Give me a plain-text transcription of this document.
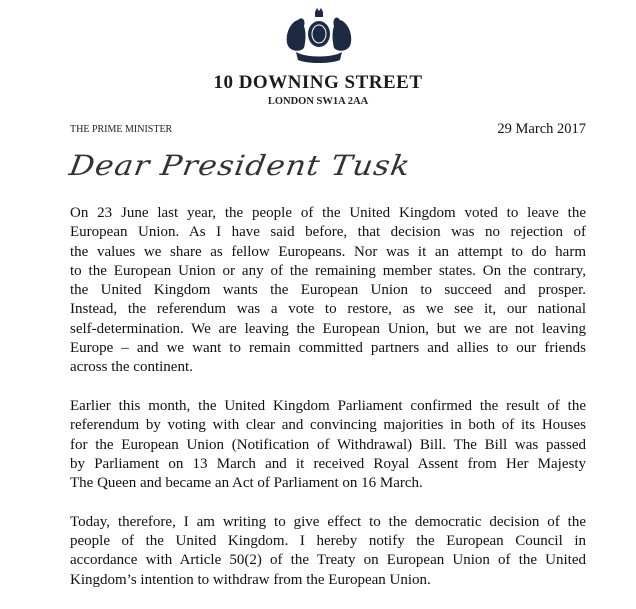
10 DOWNING STREET
LONDON SW1A 2AA
THE PRIME MINISTER	29 March 2017
Dear President Tusk
On 23 June last year, the people of the United Kingdom voted to leave the
European Union. As I have said before, that decision was no rejection of
the values we share as fellow Europeans. Nor was it an attempt to do harm
to the European Union or any of the remaining member states. On the contrary,
the United Kingdom wants the European Union to succeed and prosper.
Instead, the referendum was a vote to restore, as we see it, our national
self-determination. We are leaving the European Union, but we are not leaving
Europe – and we want to remain committed partners and allies to our friends
across the continent.
Earlier this month, the United Kingdom Parliament confirmed the result of the
referendum by voting with clear and convincing majorities in both of its Houses
for the European Union (Notification of Withdrawal) Bill. The Bill was passed
by Parliament on 13 March and it received Royal Assent from Her Majesty
The Queen and became an Act of Parliament on 16 March.
Today, therefore, I am writing to give effect to the democratic decision of the
people of the United Kingdom. I hereby notify the European Council in
accordance with Article 50(2) of the Treaty on European Union of the United
Kingdom’s intention to withdraw from the European Union.
